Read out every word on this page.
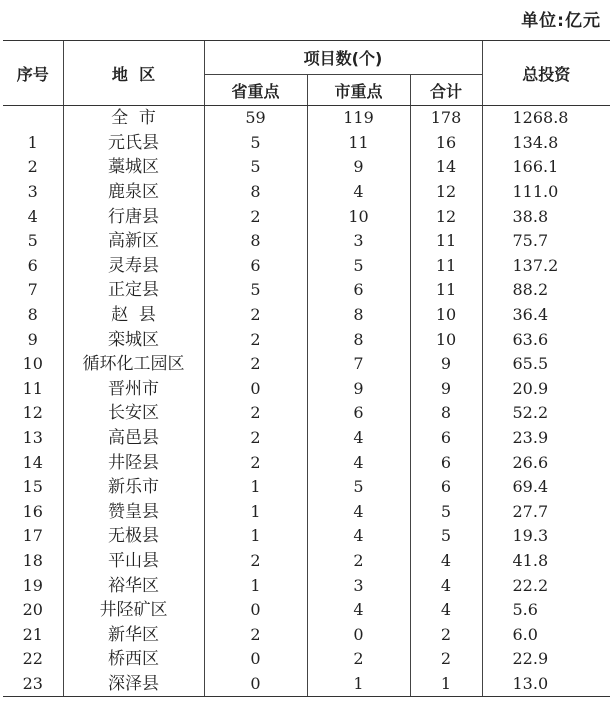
单位:亿元
序号	地  区	项目数(个)			总投资
		省重点	市重点	合计	
	全  市	59	119	178	1268.8
1	元氏县	5	11	16	134.8
2	藁城区	5	9	14	166.1
3	鹿泉区	8	4	12	111.0
4	行唐县	2	10	12	38.8
5	高新区	8	3	11	75.7
6	灵寿县	6	5	11	137.2
7	正定县	5	6	11	88.2
8	赵  县	2	8	10	36.4
9	栾城区	2	8	10	63.6
10	循环化工园区	2	7	9	65.5
11	晋州市	0	9	9	20.9
12	长安区	2	6	8	52.2
13	高邑县	2	4	6	23.9
14	井陉县	2	4	6	26.6
15	新乐市	1	5	6	69.4
16	赞皇县	1	4	5	27.7
17	无极县	1	4	5	19.3
18	平山县	2	2	4	41.8
19	裕华区	1	3	4	22.2
20	井陉矿区	0	4	4	5.6
21	新华区	2	0	2	6.0
22	桥西区	0	2	2	22.9
23	深泽县	0	1	1	13.0
